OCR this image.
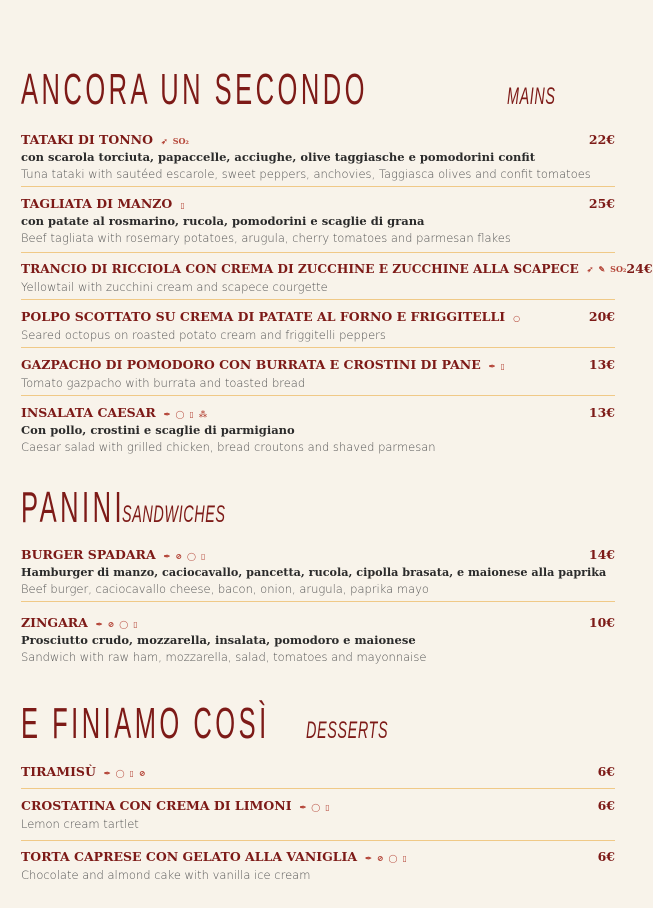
ANCORA UN SECONDO	MAINS
TATAKI DI TONNO ➶ SO₂	22€
con scarola torciuta, papaccelle, acciughe, olive taggiasche e pomodorini confit
Tuna tataki with sautéed escarole, sweet peppers, anchovies, Taggiasca olives and confit tomatoes
TAGLIATA DI MANZO ▯	25€
con patate al rosmarino, rucola, pomodorini e scaglie di grana
Beef tagliata with rosemary potatoes, arugula, cherry tomatoes and parmesan flakes
TRANCIO DI RICCIOLA CON CREMA DI ZUCCHINE E ZUCCHINE ALLA SCAPECE ➶ ✎ SO₂ 24€
Yellowtail with zucchini cream and scapece courgette
POLPO SCOTTATO SU CREMA DI PATATE AL FORNO E FRIGGITELLI ○	20€
Seared octopus on roasted potato cream and friggitelli peppers
GAZPACHO DI POMODORO CON BURRATA E CROSTINI DI PANE ✒ ▯	13€
Tomato gazpacho with burrata and toasted bread
INSALATA CAESAR ✒ ◯ ▯ ⁂	13€
Con pollo, crostini e scaglie di parmigiano
Caesar salad with grilled chicken, bread croutons and shaved parmesan
PANINI
SANDWICHES
BURGER SPADARA ✒ ⊘ ◯ ▯	14€
Hamburger di manzo, caciocavallo, pancetta, rucola, cipolla brasata, e maionese alla paprika
Beef burger, caciocavallo cheese, bacon, onion, arugula, paprika mayo
ZINGARA ✒ ⊘ ◯ ▯	10€
Prosciutto crudo, mozzarella, insalata, pomodoro e maionese
Sandwich with raw ham, mozzarella, salad, tomatoes and mayonnaise
E FINIAMO COSÌ DESSERTS
TIRAMISÙ ✒ ◯ ▯ ⊘	6€
CROSTATINA CON CREMA DI LIMONI ✒ ◯ ▯	6€
Lemon cream tartlet
TORTA CAPRESE CON GELATO ALLA VANIGLIA ✒ ⊘ ◯ ▯	6€
Chocolate and almond cake with vanilla ice cream
